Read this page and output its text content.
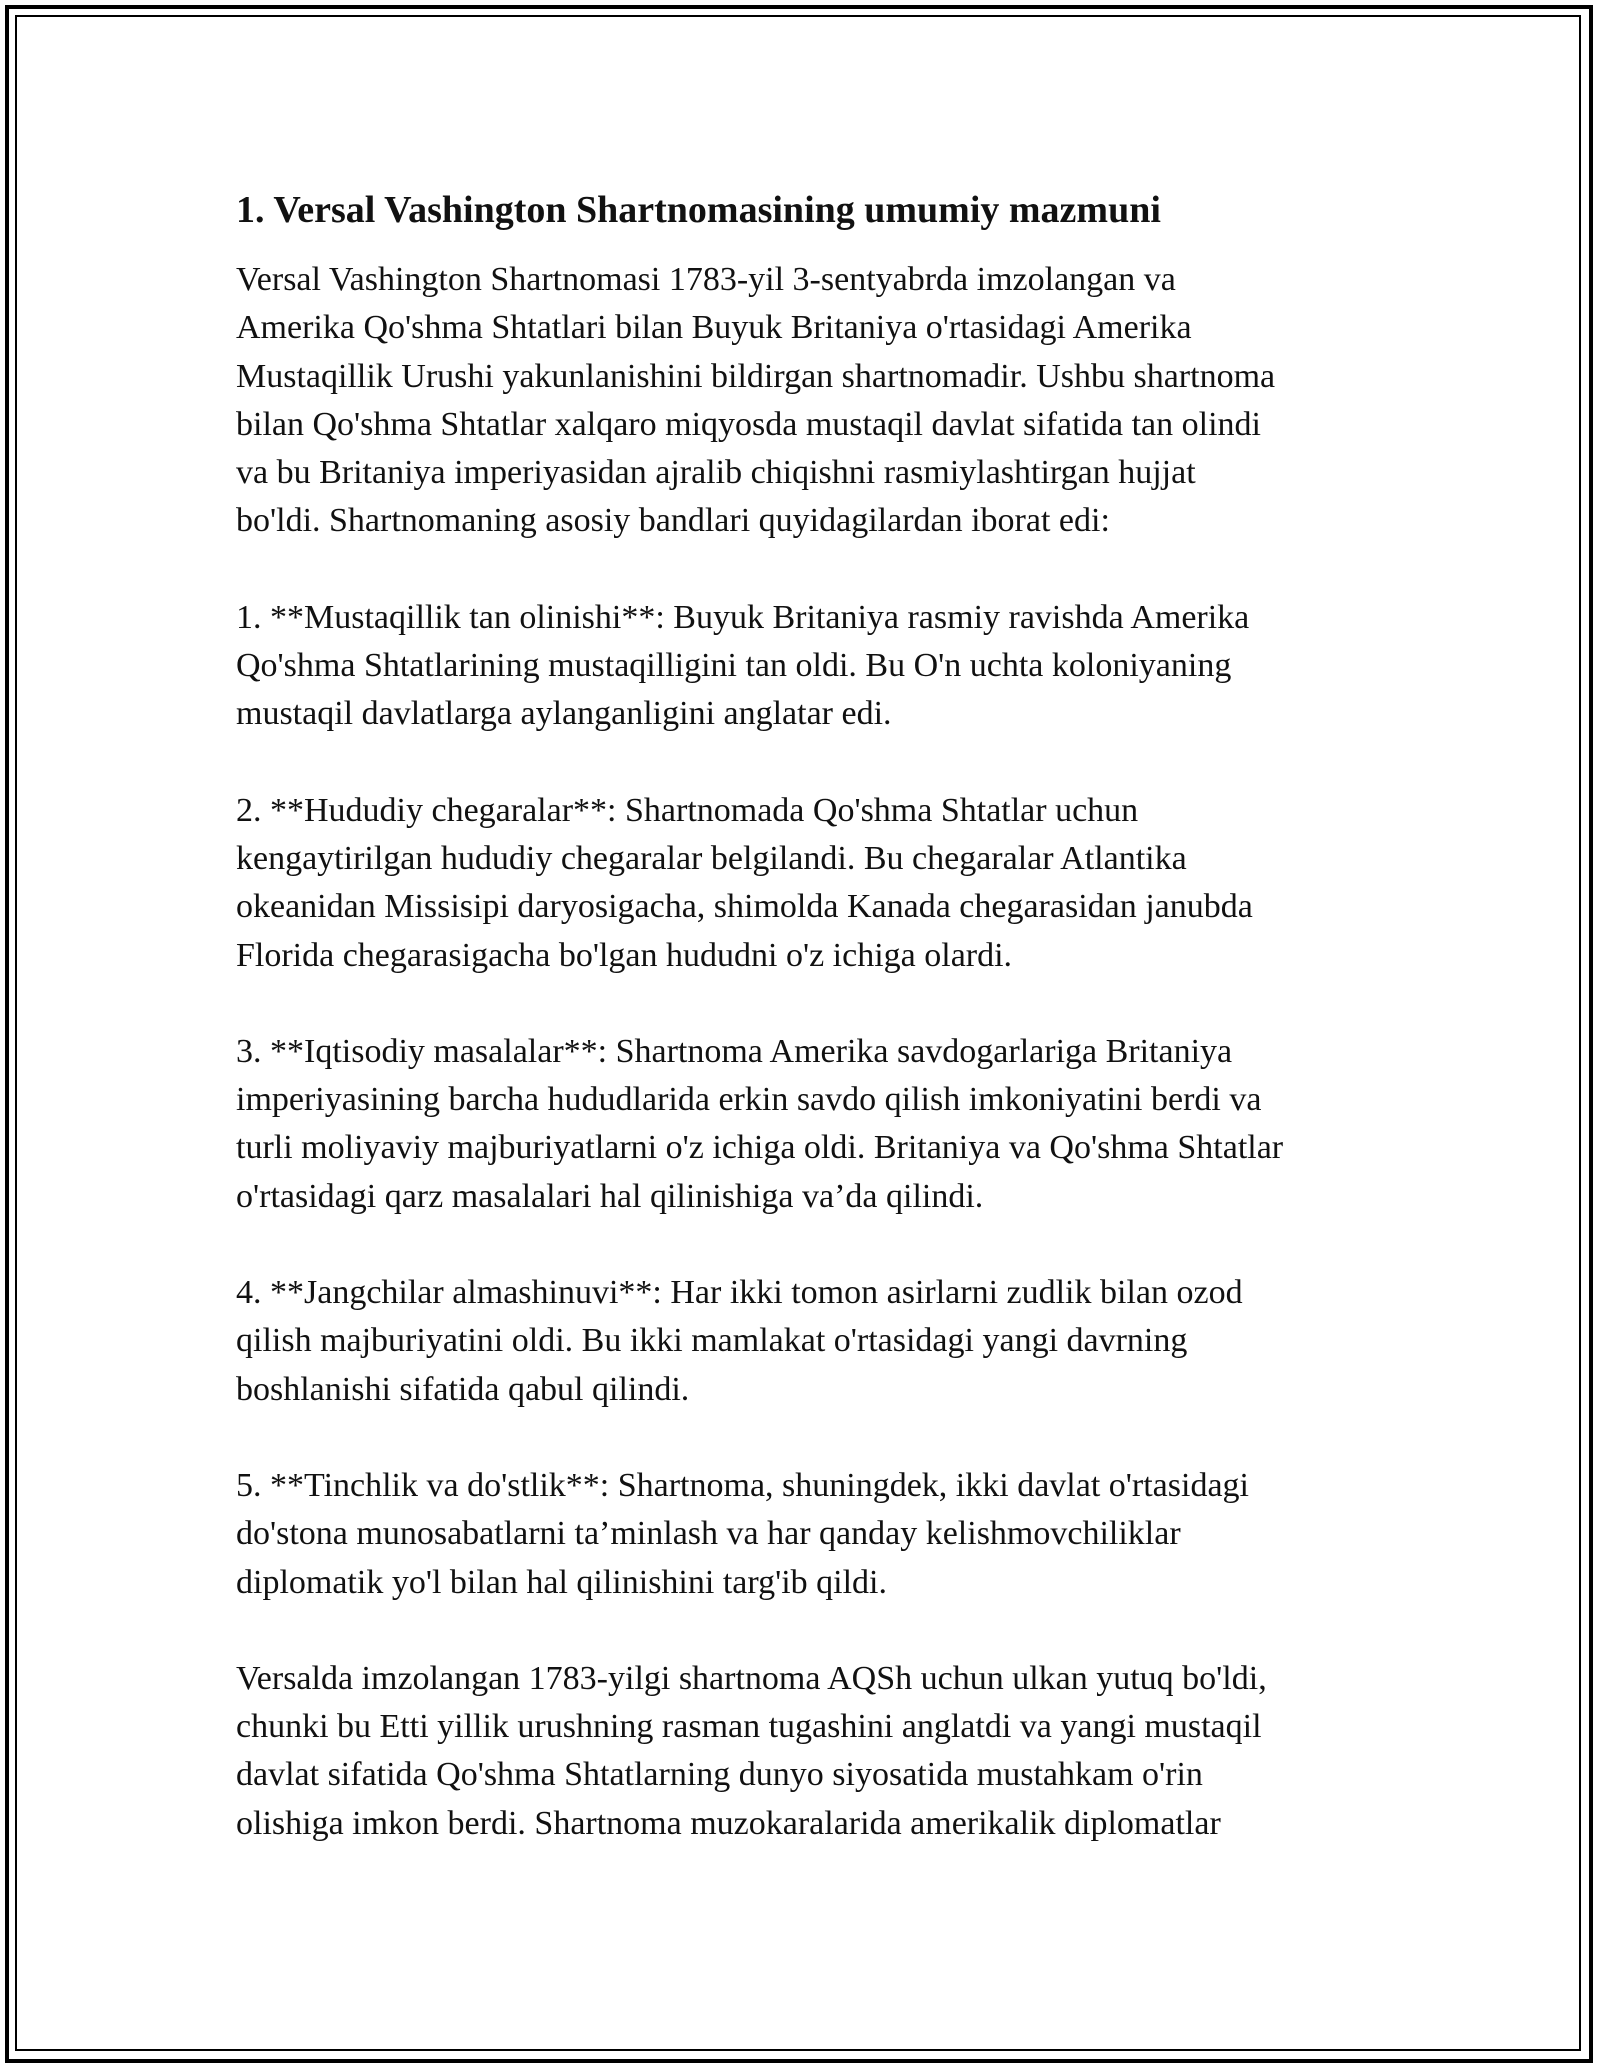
1. Versal Vashington Shartnomasining umumiy mazmuni
Versal Vashington Shartnomasi 1783-yil 3-sentyabrda imzolangan va
Amerika Qo'shma Shtatlari bilan Buyuk Britaniya o'rtasidagi Amerika
Mustaqillik Urushi yakunlanishini bildirgan shartnomadir. Ushbu shartnoma
bilan Qo'shma Shtatlar xalqaro miqyosda mustaqil davlat sifatida tan olindi
va bu Britaniya imperiyasidan ajralib chiqishni rasmiylashtirgan hujjat
bo'ldi. Shartnomaning asosiy bandlari quyidagilardan iborat edi:
1. **Mustaqillik tan olinishi**: Buyuk Britaniya rasmiy ravishda Amerika
Qo'shma Shtatlarining mustaqilligini tan oldi. Bu O'n uchta koloniyaning
mustaqil davlatlarga aylanganligini anglatar edi.
2. **Hududiy chegaralar**: Shartnomada Qo'shma Shtatlar uchun
kengaytirilgan hududiy chegaralar belgilandi. Bu chegaralar Atlantika
okeanidan Missisipi daryosigacha, shimolda Kanada chegarasidan janubda
Florida chegarasigacha bo'lgan hududni o'z ichiga olardi.
3. **Iqtisodiy masalalar**: Shartnoma Amerika savdogarlariga Britaniya
imperiyasining barcha hududlarida erkin savdo qilish imkoniyatini berdi va
turli moliyaviy majburiyatlarni o'z ichiga oldi. Britaniya va Qo'shma Shtatlar
o'rtasidagi qarz masalalari hal qilinishiga va’da qilindi.
4. **Jangchilar almashinuvi**: Har ikki tomon asirlarni zudlik bilan ozod
qilish majburiyatini oldi. Bu ikki mamlakat o'rtasidagi yangi davrning
boshlanishi sifatida qabul qilindi.
5. **Tinchlik va do'stlik**: Shartnoma, shuningdek, ikki davlat o'rtasidagi
do'stona munosabatlarni ta’minlash va har qanday kelishmovchiliklar
diplomatik yo'l bilan hal qilinishini targ'ib qildi.
Versalda imzolangan 1783-yilgi shartnoma AQSh uchun ulkan yutuq bo'ldi,
chunki bu Etti yillik urushning rasman tugashini anglatdi va yangi mustaqil
davlat sifatida Qo'shma Shtatlarning dunyo siyosatida mustahkam o'rin
olishiga imkon berdi. Shartnoma muzokaralarida amerikalik diplomatlar
